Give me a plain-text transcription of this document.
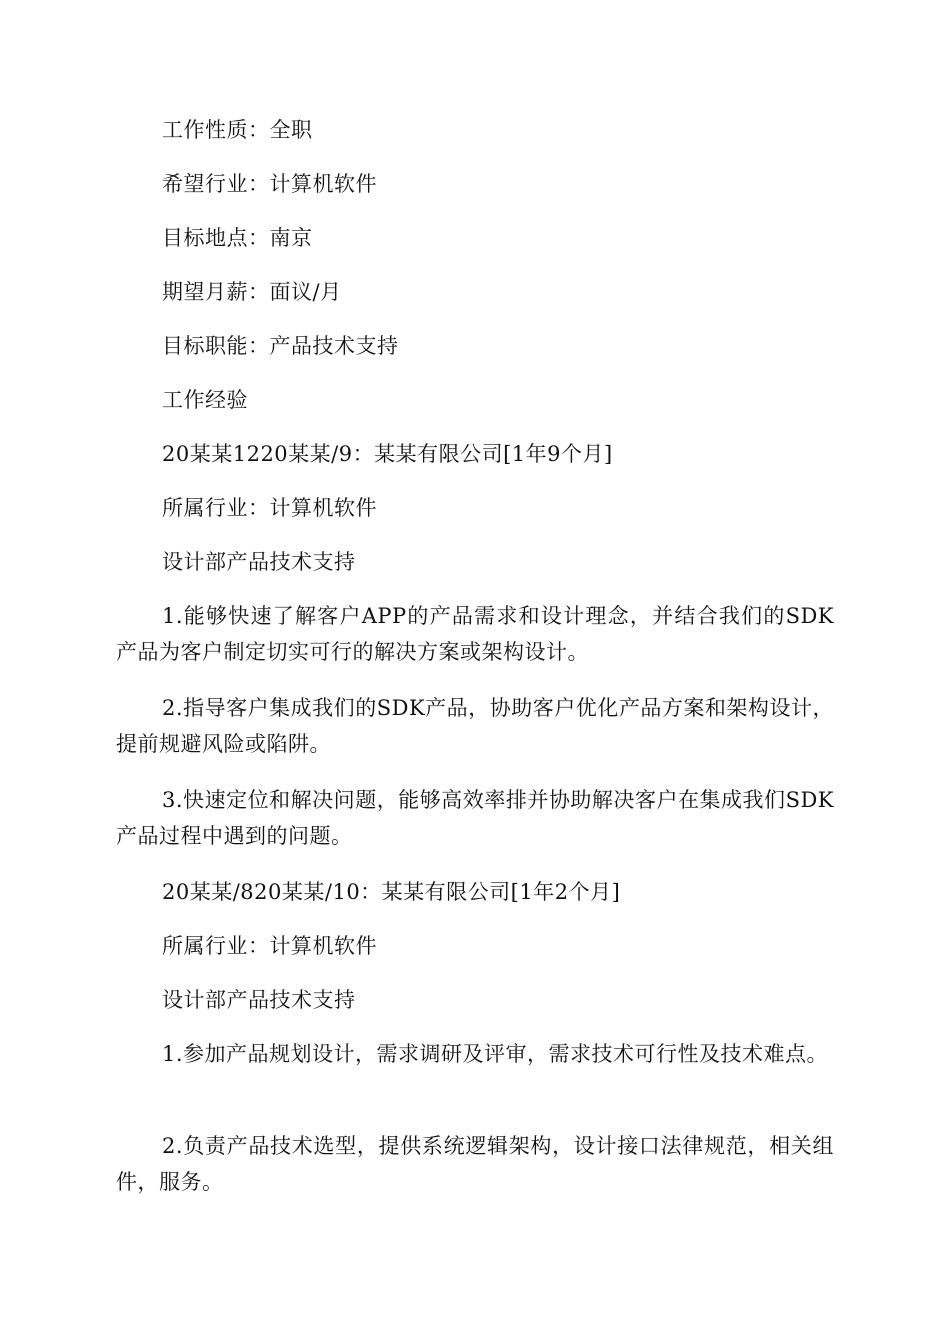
工作性质：全职
希望行业：计算机软件
目标地点：南京
期望月薪：面议/月
目标职能：产品技术支持
工作经验
20某某1220某某/9：某某有限公司[1年9个月]
所属行业：计算机软件
设计部产品技术支持
1.能够快速了解客户APP的产品需求和设计理念，并结合我们的SDK产品为客户制定切实可行的解决方案或架构设计。
2.指导客户集成我们的SDK产品，协助客户优化产品方案和架构设计，提前规避风险或陷阱。
3.快速定位和解决问题，能够高效率排并协助解决客户在集成我们SDK产品过程中遇到的问题。
20某某/820某某/10：某某有限公司[1年2个月]
所属行业：计算机软件
设计部产品技术支持
1.参加产品规划设计，需求调研及评审，需求技术可行性及技术难点。
2.负责产品技术选型，提供系统逻辑架构，设计接口法律规范，相关组件，服务。
